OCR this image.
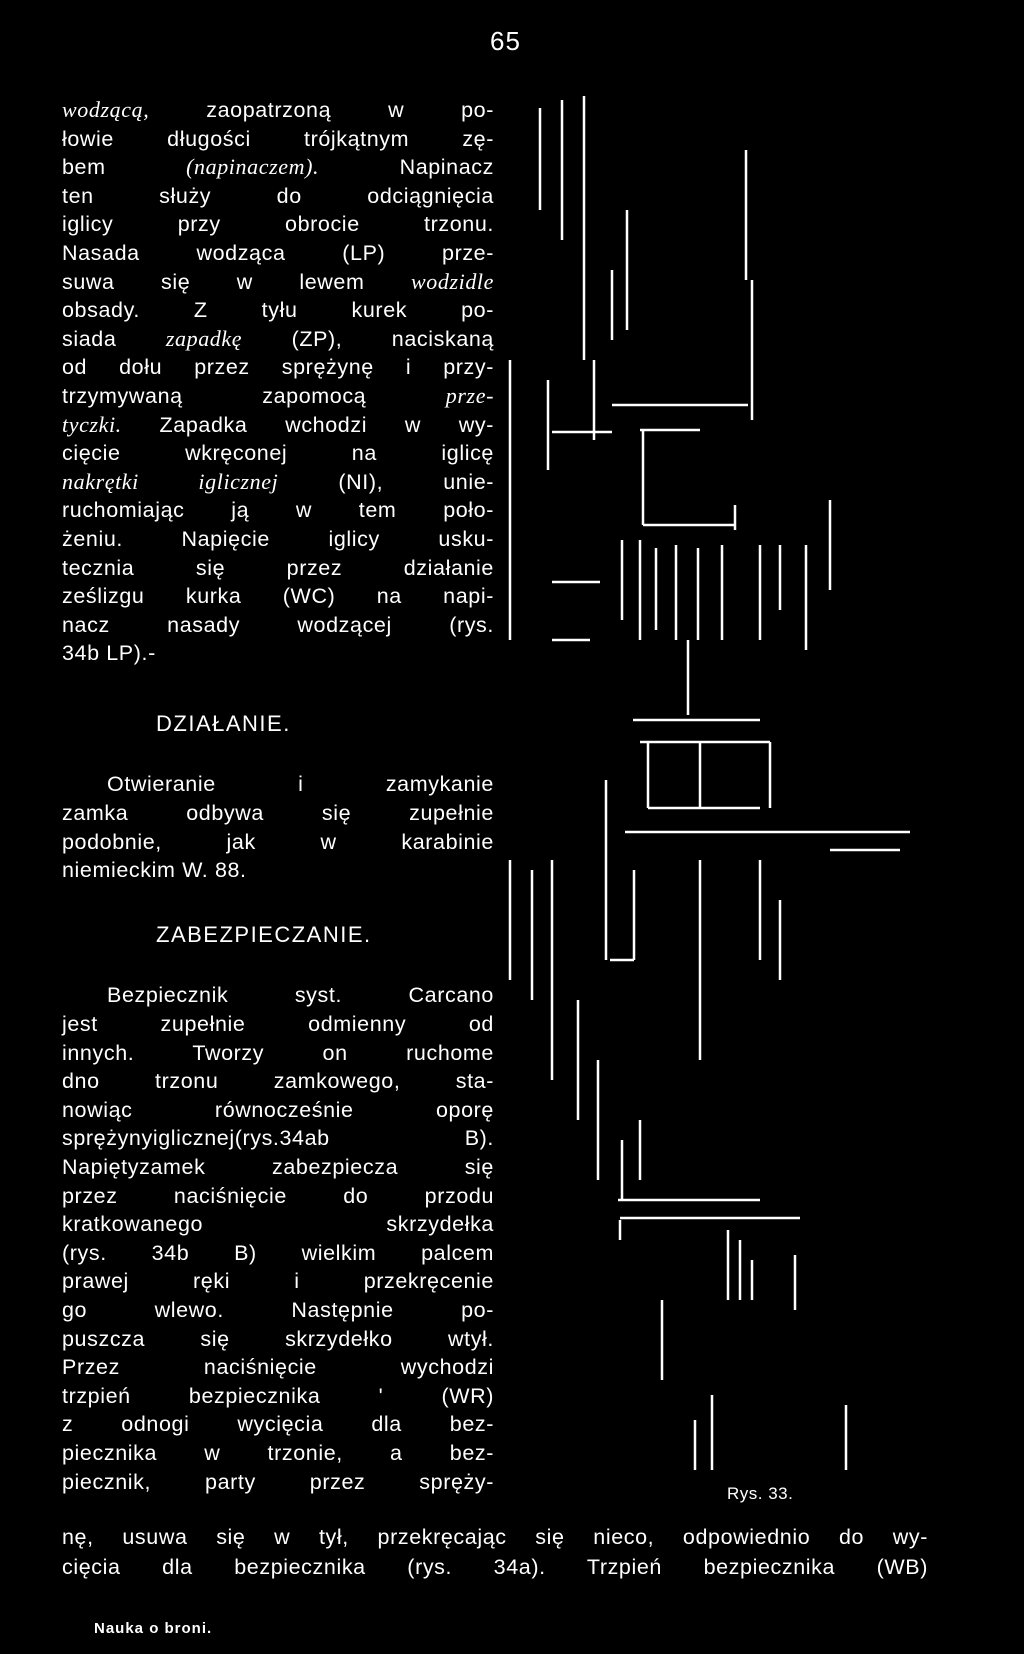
65

wodzącą, zaopatrzoną w po-

łowie długości trójkątnym zę-

bem (napinaczem). Napinacz

ten służy do odciągnięcia

iglicy przy obrocie trzonu.

Nasada wodząca (LP) prze-

suwa się w lewem wodzidle

obsady. Z tyłu kurek po-

siada zapadkę (ZP), naciskaną

od dołu przez sprężynę i przy-

trzymywaną zapomocą prze-

tyczki. Zapadka wchodzi w wy-

cięcie wkręconej na iglicę

nakrętki iglicznej (NI), unie-

ruchomiając ją w tem poło-

żeniu. Napięcie iglicy usku-

tecznia się przez działanie

ześlizgu kurka (WC) na napi-

nacz nasady wodzącej (rys.

34b LP).-

DZIAŁANIE.

Otwieranie i zamykanie

zamka odbywa się zupełnie

podobnie, jak w karabinie

niemieckim W. 88.

ZABEZPIECZANIE.

Bezpiecznik syst. Carcano

jest zupełnie odmienny od

innych. Tworzy on ruchome

dno trzonu zamkowego, sta-

nowiąc równocześnie oporę

sprężynyiglicznej(rys.34ab B).

Napiętyzamek zabezpiecza się

przez naciśnięcie do przodu

kratkowanego skrzydełka

(rys. 34b B) wielkim palcem

prawej ręki i przekręcenie

go wlewo. Następnie po-

puszcza się skrzydełko wtył.

Przez naciśnięcie wychodzi

trzpień bezpiecznika ' (WR)

z odnogi wycięcia dla bez-

piecznika w trzonie, a bez-

piecznik, party przez spręży-	Rys. 33.

nę, usuwa się w tył, przekręcając się nieco, odpowiednio do wy-

cięcia dla bezpiecznika (rys. 34a). Trzpień bezpiecznika (WB)

Nauka o broni.
